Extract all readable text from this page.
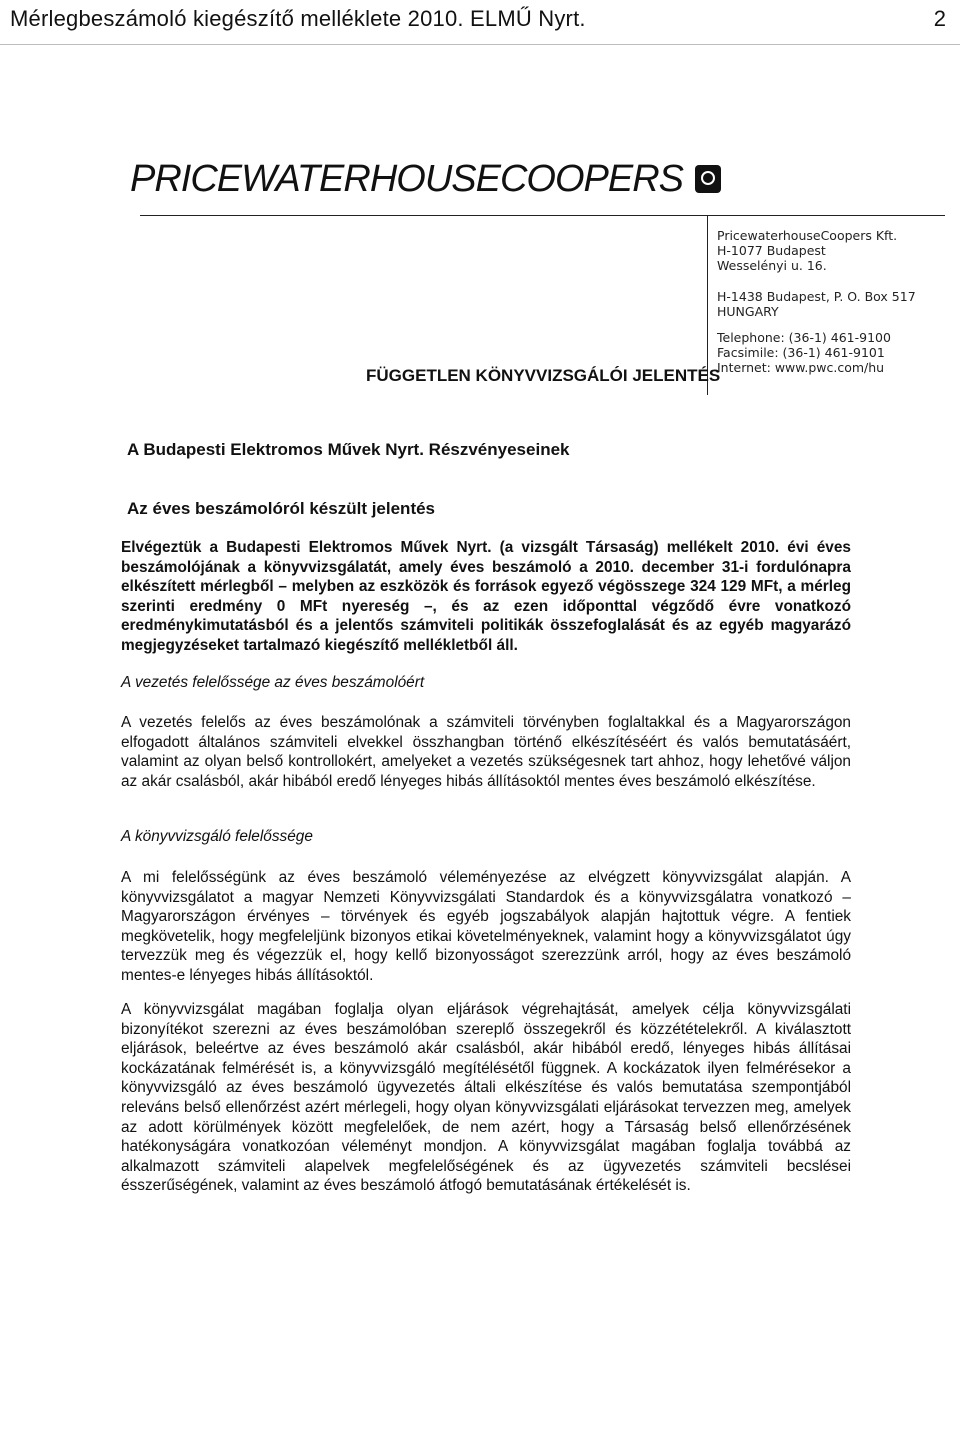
Mérlegbeszámoló kiegészítő melléklete 2010. ELMŰ Nyrt.	2
PRICEWATERHOUSECOOPERS
PricewaterhouseCoopers Kft.
H-1077 Budapest
Wesselényi u. 16.
H-1438 Budapest, P. O. Box 517
HUNGARY
Telephone: (36-1) 461-9100
Facsimile: (36-1) 461-9101
Internet: www.pwc.com/hu
FÜGGETLEN KÖNYVVIZSGÁLÓI JELENTÉS
A Budapesti Elektromos Művek Nyrt. Részvényeseinek
Az éves beszámolóról készült jelentés
Elvégeztük a Budapesti Elektromos Művek Nyrt. (a vizsgált Társaság) mellékelt 2010. évi éves beszámolójának a könyvvizsgálatát, amely éves beszámoló a 2010. december 31-i fordulónapra elkészített mérlegből – melyben az eszközök és források egyező végösszege 324 129 MFt, a mérleg szerinti eredmény 0 MFt nyereség –, és az ezen időponttal végződő évre vonatkozó eredménykimutatásból és a jelentős számviteli politikák összefoglalását és az egyéb magyarázó megjegyzéseket tartalmazó kiegészítő mellékletből áll.
A vezetés felelőssége az éves beszámolóért
A vezetés felelős az éves beszámolónak a számviteli törvényben foglaltakkal és a Magyarországon elfogadott általános számviteli elvekkel összhangban történő elkészítéséért és valós bemutatásáért, valamint az olyan belső kontrollokért, amelyeket a vezetés szükségesnek tart ahhoz, hogy lehetővé váljon az akár csalásból, akár hibából eredő lényeges hibás állításoktól mentes éves beszámoló elkészítése.
A könyvvizsgáló felelőssége
A mi felelősségünk az éves beszámoló véleményezése az elvégzett könyvvizsgálat alapján. A könyvvizsgálatot a magyar Nemzeti Könyvvizsgálati Standardok és a könyvvizsgálatra vonatkozó – Magyarországon érvényes – törvények és egyéb jogszabályok alapján hajtottuk végre. A fentiek megkövetelik, hogy megfeleljünk bizonyos etikai követelményeknek, valamint hogy a könyvvizsgálatot úgy tervezzük meg és végezzük el, hogy kellő bizonyosságot szerezzünk arról, hogy az éves beszámoló mentes-e lényeges hibás állításoktól.
A könyvvizsgálat magában foglalja olyan eljárások végrehajtását, amelyek célja könyvvizsgálati bizonyítékot szerezni az éves beszámolóban szereplő összegekről és közzétételekről. A kiválasztott eljárások, beleértve az éves beszámoló akár csalásból, akár hibából eredő, lényeges hibás állításai kockázatának felmérését is, a könyvvizsgáló megítélésétől függnek. A kockázatok ilyen felmérésekor a könyvvizsgáló az éves beszámoló ügyvezetés általi elkészítése és valós bemutatása szempontjából releváns belső ellenőrzést azért mérlegeli, hogy olyan könyvvizsgálati eljárásokat tervezzen meg, amelyek az adott körülmények között megfelelőek, de nem azért, hogy a Társaság belső ellenőrzésének hatékonyságára vonatkozóan véleményt mondjon. A könyvvizsgálat magában foglalja továbbá az alkalmazott számviteli alapelvek megfelelőségének és az ügyvezetés számviteli becslései ésszerűségének, valamint az éves beszámoló átfogó bemutatásának értékelését is.
